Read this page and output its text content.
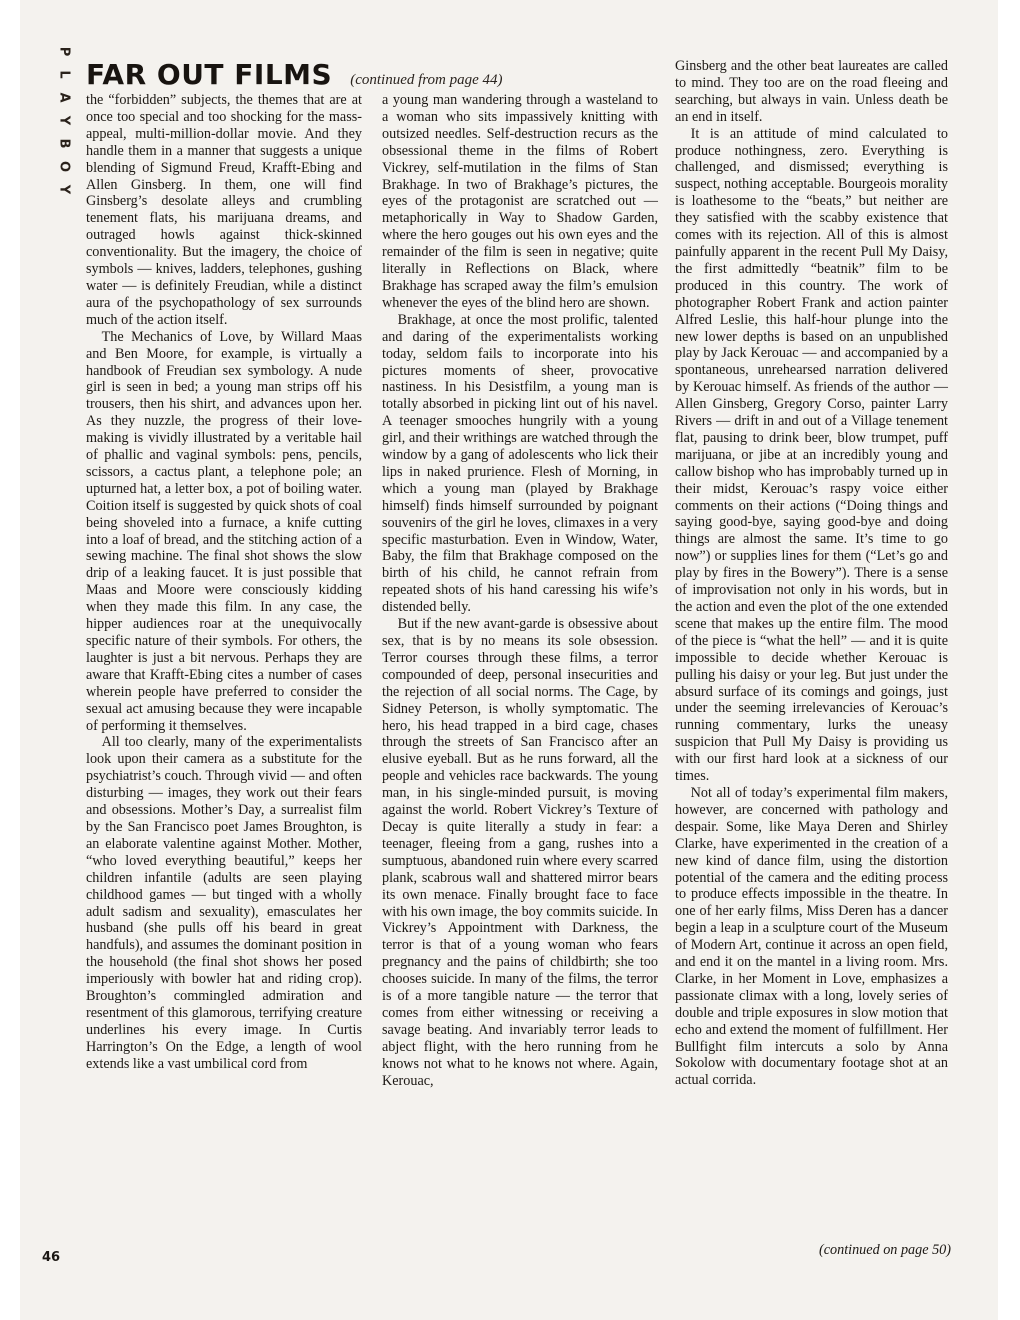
P
L
A
Y
B
O
Y
FAR OUT FILMS (continued from page 44)

the “forbidden” subjects, the themes that are at once too special and too shocking for the mass-appeal, multi-million-dollar movie. And they handle them in a manner that suggests a unique blending of Sigmund Freud, Krafft-Ebing and Allen Ginsberg. In them, one will find Ginsberg’s desolate alleys and crumbling tenement flats, his marijuana dreams, and outraged howls against thick-skinned conventionality. But the imagery, the choice of symbols — knives, ladders, telephones, gushing water — is definitely Freudian, while a distinct aura of the psychopathology of sex surrounds much of the action itself.

The Mechanics of Love, by Willard Maas and Ben Moore, for example, is virtually a handbook of Freudian sex symbology. A nude girl is seen in bed; a young man strips off his trousers, then his shirt, and advances upon her. As they nuzzle, the progress of their love-making is vividly illustrated by a veritable hail of phallic and vaginal symbols: pens, pencils, scissors, a cactus plant, a telephone pole; an upturned hat, a letter box, a pot of boiling water. Coition itself is suggested by quick shots of coal being shoveled into a furnace, a knife cutting into a loaf of bread, and the stitching action of a sewing machine. The final shot shows the slow drip of a leaking faucet. It is just possible that Maas and Moore were consciously kidding when they made this film. In any case, the hipper audiences roar at the unequivocally specific nature of their symbols. For others, the laughter is just a bit nervous. Perhaps they are aware that Krafft-Ebing cites a number of cases wherein people have preferred to consider the sexual act amusing because they were incapable of performing it themselves.

All too clearly, many of the experimentalists look upon their camera as a substitute for the psychiatrist’s couch. Through vivid — and often disturbing — images, they work out their fears and obsessions. Mother’s Day, a surrealist film by the San Francisco poet James Broughton, is an elaborate valentine against Mother. Mother, “who loved everything beautiful,” keeps her children infantile (adults are seen playing childhood games — but tinged with a wholly adult sadism and sexuality), emasculates her husband (she pulls off his beard in great handfuls), and assumes the dominant position in the household (the final shot shows her posed imperiously with bowler hat and riding crop). Broughton’s commingled admiration and resentment of this glamorous, terrifying creature underlines his every image. In Curtis Harrington’s On the Edge, a length of wool extends like a vast umbilical cord from

a young man wandering through a wasteland to a woman who sits impassively knitting with outsized needles. Self-destruction recurs as the obsessional theme in the films of Robert Vickrey, self-mutilation in the films of Stan Brakhage. In two of Brakhage’s pictures, the eyes of the protagonist are scratched out — metaphorically in Way to Shadow Garden, where the hero gouges out his own eyes and the remainder of the film is seen in negative; quite literally in Reflections on Black, where Brakhage has scraped away the film’s emulsion whenever the eyes of the blind hero are shown.

Brakhage, at once the most prolific, talented and daring of the experimentalists working today, seldom fails to incorporate into his pictures moments of sheer, provocative nastiness. In his Desistfilm, a young man is totally absorbed in picking lint out of his navel. A teenager smooches hungrily with a young girl, and their writhings are watched through the window by a gang of adolescents who lick their lips in naked prurience. Flesh of Morning, in which a young man (played by Brakhage himself) finds himself surrounded by poignant souvenirs of the girl he loves, climaxes in a very specific masturbation. Even in Window, Water, Baby, the film that Brakhage composed on the birth of his child, he cannot refrain from repeated shots of his hand caressing his wife’s distended belly.

But if the new avant-garde is obsessive about sex, that is by no means its sole obsession. Terror courses through these films, a terror compounded of deep, personal insecurities and the rejection of all social norms. The Cage, by Sidney Peterson, is wholly symptomatic. The hero, his head trapped in a bird cage, chases through the streets of San Francisco after an elusive eyeball. But as he runs forward, all the people and vehicles race backwards. The young man, in his single-minded pursuit, is moving against the world. Robert Vickrey’s Texture of Decay is quite literally a study in fear: a teenager, fleeing from a gang, rushes into a sumptuous, abandoned ruin where every scarred plank, scabrous wall and shattered mirror bears its own menace. Finally brought face to face with his own image, the boy commits suicide. In Vickrey’s Appointment with Darkness, the terror is that of a young woman who fears pregnancy and the pains of childbirth; she too chooses suicide. In many of the films, the terror is of a more tangible nature — the terror that comes from either witnessing or receiving a savage beating. And invariably terror leads to abject flight, with the hero running from he knows not what to he knows not where. Again, Kerouac,

Ginsberg and the other beat laureates are called to mind. They too are on the road fleeing and searching, but always in vain. Unless death be an end in itself.

It is an attitude of mind calculated to produce nothingness, zero. Everything is challenged, and dismissed; everything is suspect, nothing acceptable. Bourgeois morality is loathesome to the “beats,” but neither are they satisfied with the scabby existence that comes with its rejection. All of this is almost painfully apparent in the recent Pull My Daisy, the first admittedly “beatnik” film to be produced in this country. The work of photographer Robert Frank and action painter Alfred Leslie, this half-hour plunge into the new lower depths is based on an unpublished play by Jack Kerouac — and accompanied by a spontaneous, unrehearsed narration delivered by Kerouac himself. As friends of the author — Allen Ginsberg, Gregory Corso, painter Larry Rivers — drift in and out of a Village tenement flat, pausing to drink beer, blow trumpet, puff marijuana, or jibe at an incredibly young and callow bishop who has improbably turned up in their midst, Kerouac’s raspy voice either comments on their actions (“Doing things and saying good-bye, saying good-bye and doing things are almost the same. It’s time to go now”) or supplies lines for them (“Let’s go and play by fires in the Bowery”). There is a sense of improvisation not only in his words, but in the action and even the plot of the one extended scene that makes up the entire film. The mood of the piece is “what the hell” — and it is quite impossible to decide whether Kerouac is pulling his daisy or your leg. But just under the absurd surface of its comings and goings, just under the seeming irrelevancies of Kerouac’s running commentary, lurks the uneasy suspicion that Pull My Daisy is providing us with our first hard look at a sickness of our times.

Not all of today’s experimental film makers, however, are concerned with pathology and despair. Some, like Maya Deren and Shirley Clarke, have experimented in the creation of a new kind of dance film, using the distortion potential of the camera and the editing process to produce effects impossible in the theatre. In one of her early films, Miss Deren has a dancer begin a leap in a sculpture court of the Museum of Modern Art, continue it across an open field, and end it on the mantel in a living room. Mrs. Clarke, in her Moment in Love, emphasizes a passionate climax with a long, lovely series of double and triple exposures in slow motion that echo and extend the moment of fulfillment. Her Bullfight film intercuts a solo by Anna Sokolow with documentary footage shot at an actual corrida.

(continued on page 50)
46
